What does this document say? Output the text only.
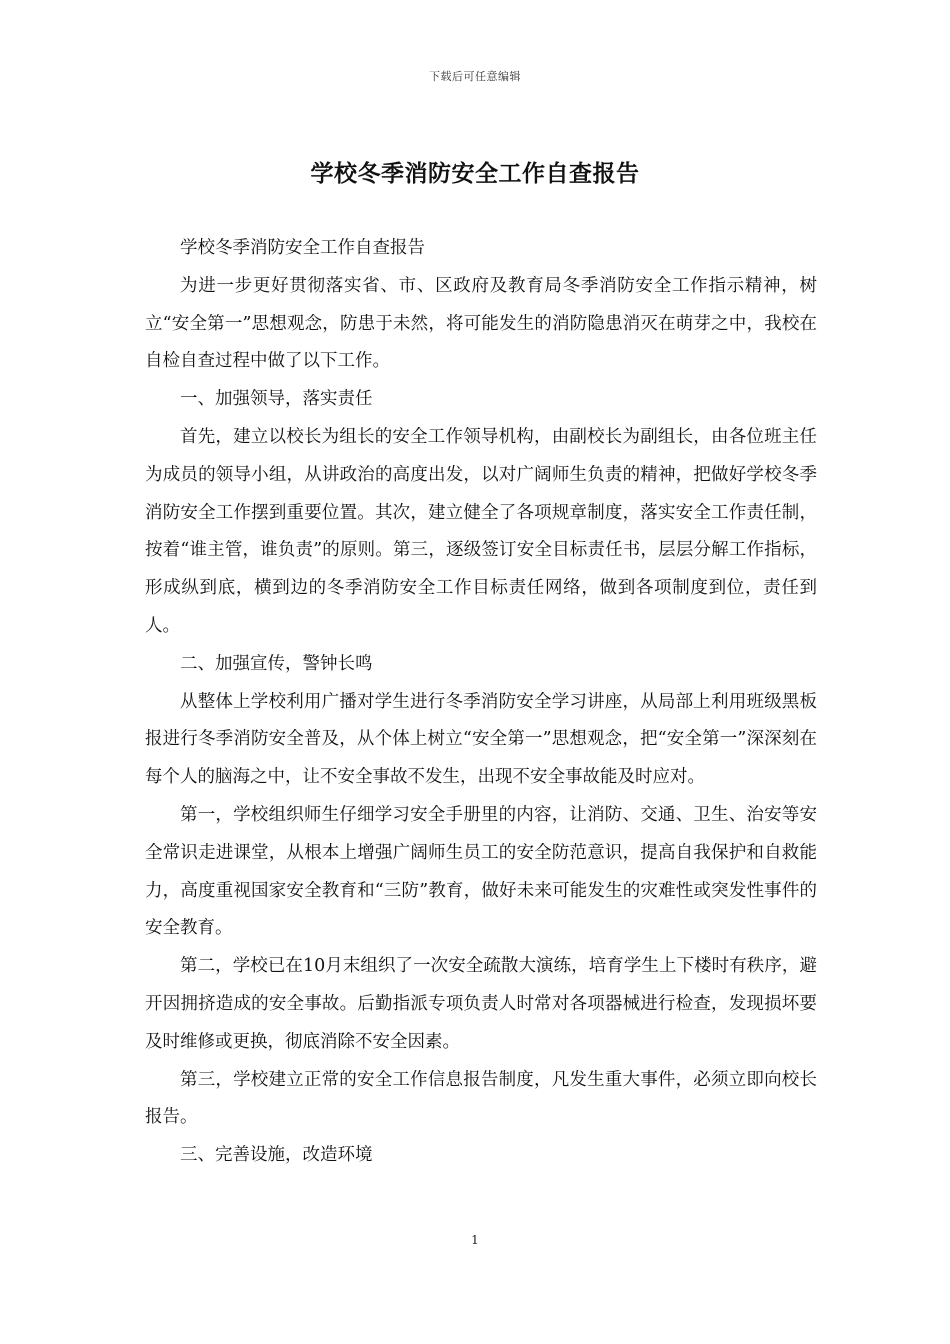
下载后可任意编辑
学校冬季消防安全工作自查报告

学校冬季消防安全工作自查报告

为进一步更好贯彻落实省、市、区政府及教育局冬季消防安全工作指示精神，树立“安全第一”思想观念，防患于未然，将可能发生的消防隐患消灭在萌芽之中，我校在自检自查过程中做了以下工作。

一、加强领导，落实责任

首先，建立以校长为组长的安全工作领导机构，由副校长为副组长，由各位班主任为成员的领导小组，从讲政治的高度出发，以对广阔师生负责的精神，把做好学校冬季消防安全工作摆到重要位置。其次，建立健全了各项规章制度，落实安全工作责任制，按着“谁主管，谁负责”的原则。第三，逐级签订安全目标责任书，层层分解工作指标，形成纵到底，横到边的冬季消防安全工作目标责任网络，做到各项制度到位，责任到人。

二、加强宣传，警钟长鸣

从整体上学校利用广播对学生进行冬季消防安全学习讲座，从局部上利用班级黑板报进行冬季消防安全普及，从个体上树立“安全第一”思想观念，把“安全第一”深深刻在每个人的脑海之中，让不安全事故不发生，出现不安全事故能及时应对。

第一，学校组织师生仔细学习安全手册里的内容，让消防、交通、卫生、治安等安全常识走进课堂，从根本上增强广阔师生员工的安全防范意识，提高自我保护和自救能力，高度重视国家安全教育和“三防”教育，做好未来可能发生的灾难性或突发性事件的安全教育。

第二，学校已在10月末组织了一次安全疏散大演练，培育学生上下楼时有秩序，避开因拥挤造成的安全事故。后勤指派专项负责人时常对各项器械进行检查，发现损坏要及时维修或更换，彻底消除不安全因素。

第三，学校建立正常的安全工作信息报告制度，凡发生重大事件，必须立即向校长报告。

三、完善设施，改造环境

1
